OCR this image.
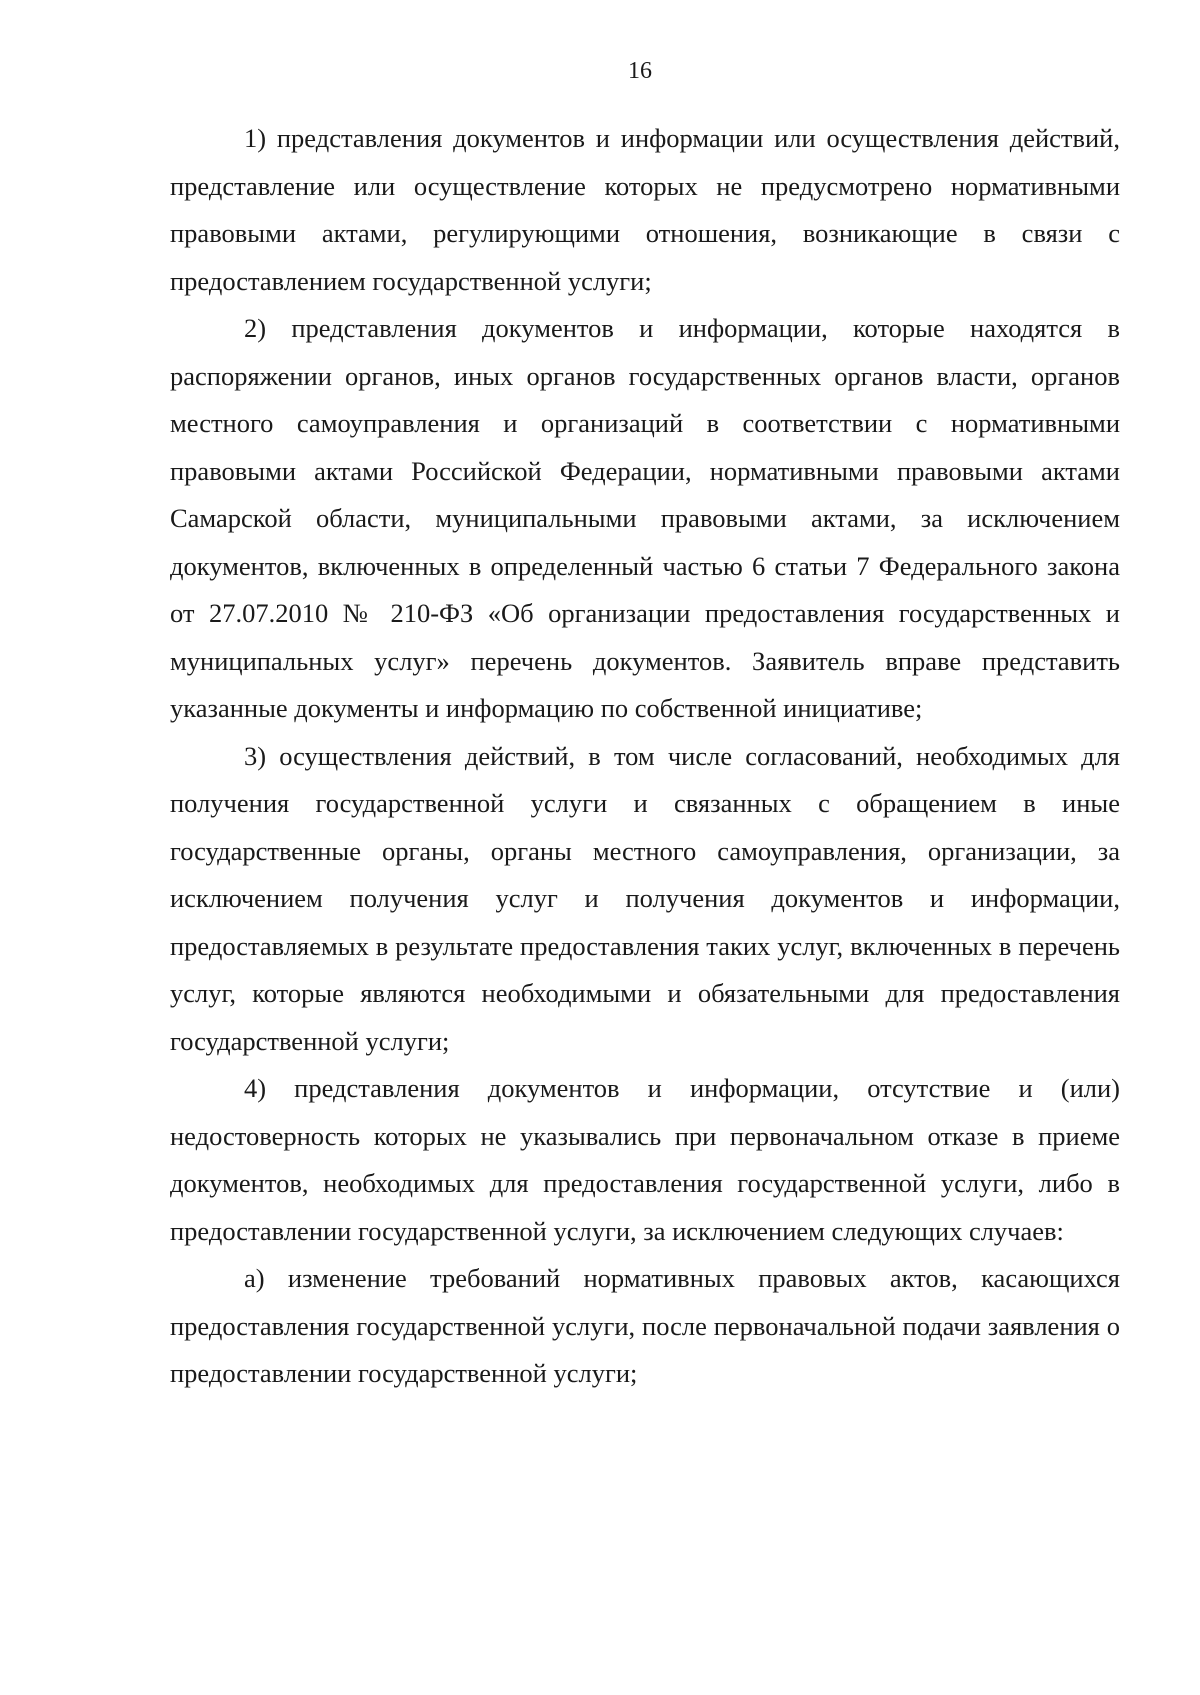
16

1) представления документов и информации или осуществления действий, представление или осуществление которых не предусмотрено нормативными правовыми актами, регулирующими отношения, возникающие в связи с предоставлением государственной услуги;

2) представления документов и информации, которые находятся в распоряжении органов, иных органов государственных органов власти, органов местного самоуправления и организаций в соответствии с нормативными правовыми актами Российской Федерации, нормативными правовыми актами Самарской области, муниципальными правовыми актами, за исключением документов, включенных в определенный частью 6 статьи 7 Федерального закона от 27.07.2010 № 210-ФЗ «Об организации предоставления государственных и муниципальных услуг» перечень документов. Заявитель вправе представить указанные документы и информацию по собственной инициативе;

3) осуществления действий, в том числе согласований, необходимых для получения государственной услуги и связанных с обращением в иные государственные органы, органы местного самоуправления, организации, за исключением получения услуг и получения документов и информации, предоставляемых в результате предоставления таких услуг, включенных в перечень услуг, которые являются необходимыми и обязательными для предоставления государственной услуги;

4) представления документов и информации, отсутствие и (или) недостоверность которых не указывались при первоначальном отказе в приеме документов, необходимых для предоставления государственной услуги, либо в предоставлении государственной услуги, за исключением следующих случаев:

а) изменение требований нормативных правовых актов, касающихся предоставления государственной услуги, после первоначальной подачи заявления о предоставлении государственной услуги;
